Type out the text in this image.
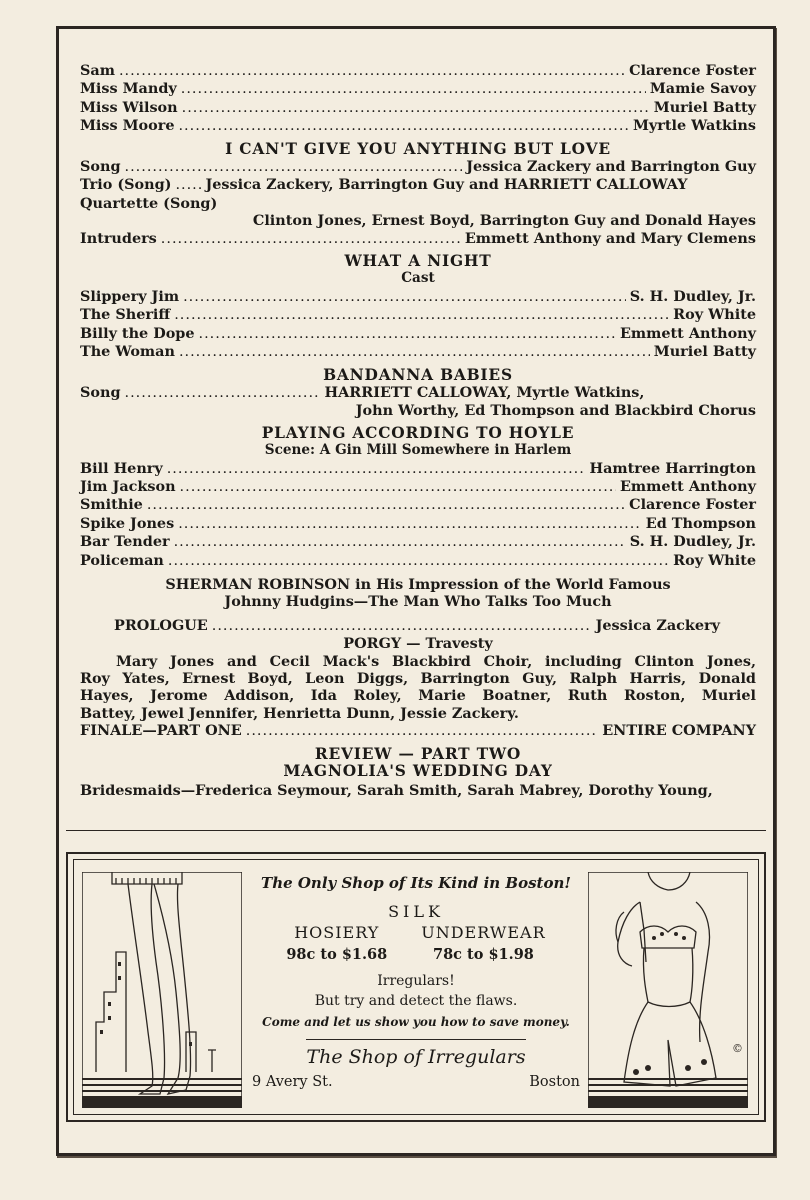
Sam .....	Clarence Foster
Miss Mandy .....	Mamie Savoy
Miss Wilson .....	Muriel Batty
Miss Moore .....	Myrtle Watkins
I CAN'T GIVE YOU ANYTHING BUT LOVE
Song .....	Jessica Zackery and Barrington Guy
Trio (Song) ..... Jessica Zackery, Barrington Guy and HARRIETT CALLOWAY
Quartette (Song)
Clinton Jones, Ernest Boyd, Barrington Guy and Donald Hayes
Intruders .....	Emmett Anthony and Mary Clemens
WHAT A NIGHT
Cast
Slippery Jim .....	S. H. Dudley, Jr.
The Sheriff .....	Roy White
Billy the Dope .....	Emmett Anthony
The Woman .....	Muriel Batty
BANDANNA BABIES
Song .....	HARRIETT CALLOWAY, Myrtle Watkins,
John Worthy, Ed Thompson and Blackbird Chorus
PLAYING ACCORDING TO HOYLE
Scene: A Gin Mill Somewhere in Harlem
Bill Henry .....	Hamtree Harrington
Jim Jackson .....	Emmett Anthony
Smithie .....	Clarence Foster
Spike Jones .....	Ed Thompson
Bar Tender .....	S. H. Dudley, Jr.
Policeman .....	Roy White
SHERMAN ROBINSON in His Impression of the World Famous
Johnny Hudgins—The Man Who Talks Too Much
PROLOGUE .....	Jessica Zackery
PORGY — Travesty
Mary Jones and Cecil Mack's Blackbird Choir, including Clinton Jones,
Roy Yates, Ernest Boyd, Leon Diggs, Barrington Guy, Ralph Harris, Donald
Hayes, Jerome Addison, Ida Roley, Marie Boatner, Ruth Roston, Muriel
Battey, Jewel Jennifer, Henrietta Dunn, Jessie Zackery.
FINALE—PART ONE .....	ENTIRE COMPANY
REVIEW — PART TWO
MAGNOLIA'S WEDDING DAY
Bridesmaids—Frederica Seymour, Sarah Smith, Sarah Mabrey, Dorothy Young,
The Only Shop of Its Kind in Boston!
SILK
HOSIERY
98c to $1.68
UNDERWEAR
78c to $1.98
Irregulars!
But try and detect the flaws.
Come and let us show you how to save money.
The Shop of Irregulars
9 Avery St.	Boston
©
